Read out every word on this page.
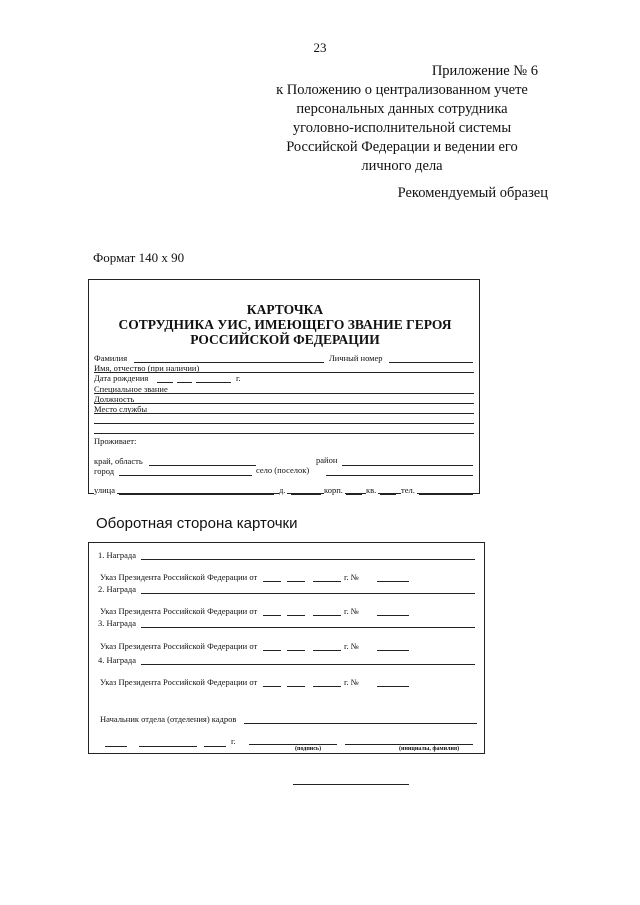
23
Приложение № 6
к Положению о централизованном учете
персональных данных сотрудника
уголовно-исполнительной системы
Российской Федерации и ведении его
личного дела
Рекомендуемый образец
Формат 140 х 90
КАРТОЧКА
СОТРУДНИКА УИС, ИМЕЮЩЕГО ЗВАНИЕ ГЕРОЯ
РОССИЙСКОЙ ФЕДЕРАЦИИ
Фамилия	Личный номер
Имя, отчество (при наличии)
Дата рождения	г.
Специальное звание
Должность
Место службы
Проживает:
край, область	район
город	село (поселок)
улица	д.	корп.	кв.	тел.
Оборотная сторона карточки
1. Награда
Указ Президента Российской Федерации от	г. №
2. Награда
Указ Президента Российской Федерации от	г. №
3. Награда
Указ Президента Российской Федерации от	г. №
4. Награда
Указ Президента Российской Федерации от	г. №
Начальник отдела (отделения) кадров
г.
(подпись)	(инициалы, фамилия)
